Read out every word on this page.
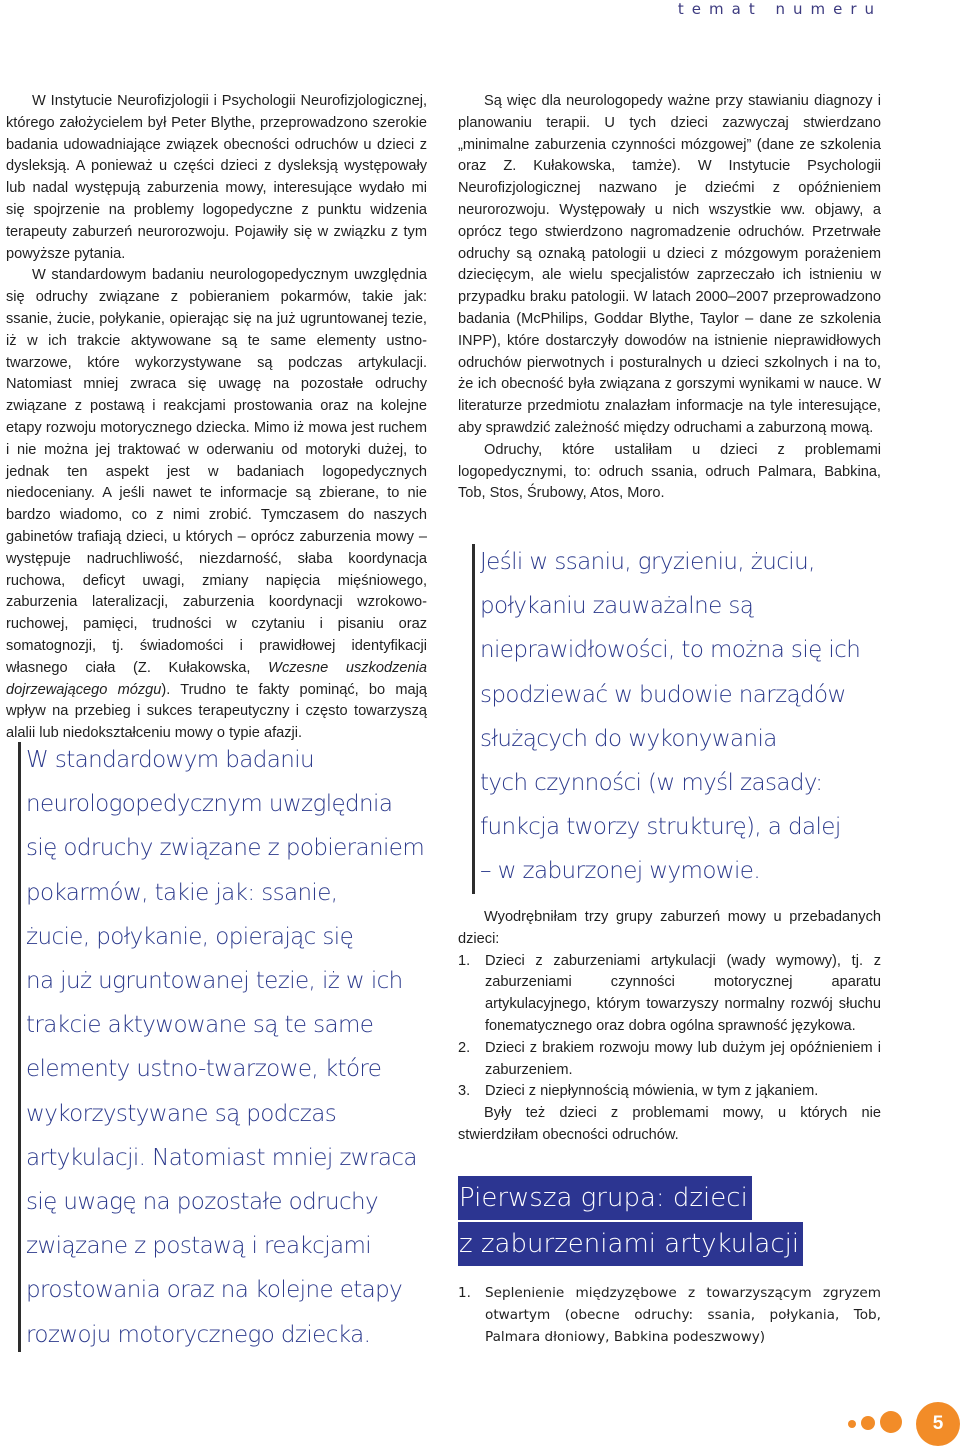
temat numeru

W Instytucie Neurofizjologii i Psychologii Neurofizjologicznej, którego założycielem był Peter Blythe, przeprowadzono szerokie badania udowadniające związek obecności odruchów u dzieci z dysleksją. A ponieważ u części dzieci z dysleksją występowały lub nadal występują zaburzenia mowy, interesujące wydało mi się spojrzenie na problemy logopedyczne z punktu widzenia terapeuty zaburzeń neurorozwoju. Pojawiły się w związku z tym powyższe pytania.

W standardowym badaniu neurologopedycznym uwzględnia się odruchy związane z pobieraniem pokarmów, takie jak: ssanie, żucie, połykanie, opierając się na już ugruntowanej tezie, iż w ich trakcie aktywowane są te same elementy ustno-twarzowe, które wykorzystywane są podczas artykulacji. Natomiast mniej zwraca się uwagę na pozostałe odruchy związane z postawą i reakcjami prostowania oraz na kolejne etapy rozwoju motorycznego dziecka. Mimo iż mowa jest ruchem i nie można jej traktować w oderwaniu od motoryki dużej, to jednak ten aspekt jest w badaniach logopedycznych niedoceniany. A jeśli nawet te informacje są zbierane, to nie bardzo wiadomo, co z nimi zrobić. Tymczasem do naszych gabinetów trafiają dzieci, u których – oprócz zaburzenia mowy – występuje nadruchliwość, niezdarność, słaba koordynacja ruchowa, deficyt uwagi, zmiany napięcia mięśniowego, zaburzenia lateralizacji, zaburzenia koordynacji wzrokowo-ruchowej, pamięci, trudności w czytaniu i pisaniu oraz somatognozji, tj. świadomości i prawidłowej identyfikacji własnego ciała (Z. Kułakowska, Wczesne uszkodzenia dojrzewającego mózgu). Trudno te fakty pominąć, bo mają wpływ na przebieg i sukces terapeutyczny i często towarzyszą alalii lub niedokształceniu mowy o typie afazji.

W standardowym badaniu
neurologopedycznym uwzględnia
się odruchy związane z pobieraniem
pokarmów, takie jak: ssanie,
żucie, połykanie, opierając się
na już ugruntowanej tezie, iż w ich
trakcie aktywowane są te same
elementy ustno-twarzowe, które
wykorzystywane są podczas
artykulacji. Natomiast mniej zwraca
się uwagę na pozostałe odruchy
związane z postawą i reakcjami
prostowania oraz na kolejne etapy
rozwoju motorycznego dziecka.

Są więc dla neurologopedy ważne przy stawianiu diagnozy i planowaniu terapii. U tych dzieci zazwyczaj stwierdzano „minimalne zaburzenia czynności mózgowej” (dane ze szkolenia oraz Z. Kułakowska, tamże). W Instytucie Psychologii Neurofizjologicznej nazwano je dziećmi z opóźnieniem neurorozwoju. Występowały u nich wszystkie ww. objawy, a oprócz tego stwierdzono nagromadzenie odruchów. Przetrwałe odruchy są oznaką patologii u dzieci z mózgowym porażeniem dziecięcym, ale wielu specjalistów zaprzeczało ich istnieniu w przypadku braku patologii. W latach 2000–2007 przeprowadzono badania (McPhilips, Goddar Blythe, Taylor – dane ze szkolenia INPP), które dostarczyły dowodów na istnienie nieprawidłowych odruchów pierwotnych i posturalnych u dzieci szkolnych i na to, że ich obecność była związana z gorszymi wynikami w nauce. W literaturze przedmiotu znalazłam informacje na tyle interesujące, aby sprawdzić zależność między odruchami a zaburzoną mową.

Odruchy, które ustaliłam u dzieci z problemami logopedycznymi, to: odruch ssania, odruch Palmara, Babkina, Tob, Stos, Śrubowy, Atos, Moro.

Jeśli w ssaniu, gryzieniu, żuciu,
połykaniu zauważalne są
nieprawidłowości, to można się ich
spodziewać w budowie narządów
służących do wykonywania
tych czynności (w myśl zasady:
funkcja tworzy strukturę), a dalej
– w zaburzonej wymowie.

Wyodrębniłam trzy grupy zaburzeń mowy u przebadanych dzieci:

1. Dzieci z zaburzeniami artykulacji (wady wymowy), tj. z zaburzeniami czynności motorycznej aparatu artykulacyjnego, którym towarzyszy normalny rozwój słuchu fonematycznego oraz dobra ogólna sprawność językowa.
2. Dzieci z brakiem rozwoju mowy lub dużym jej opóźnieniem i zaburzeniem.
3. Dzieci z niepłynnością mówienia, w tym z jąkaniem.

Były też dzieci z problemami mowy, u których nie stwierdziłam obecności odruchów.

Pierwsza grupa: dzieci
z zaburzeniami artykulacji
1. Seplenienie międzyzębowe z towarzyszącym zgryzem otwartym (obecne odruchy: ssania, połykania, Tob, Palmara dłoniowy, Babkina podeszwowy)
5
